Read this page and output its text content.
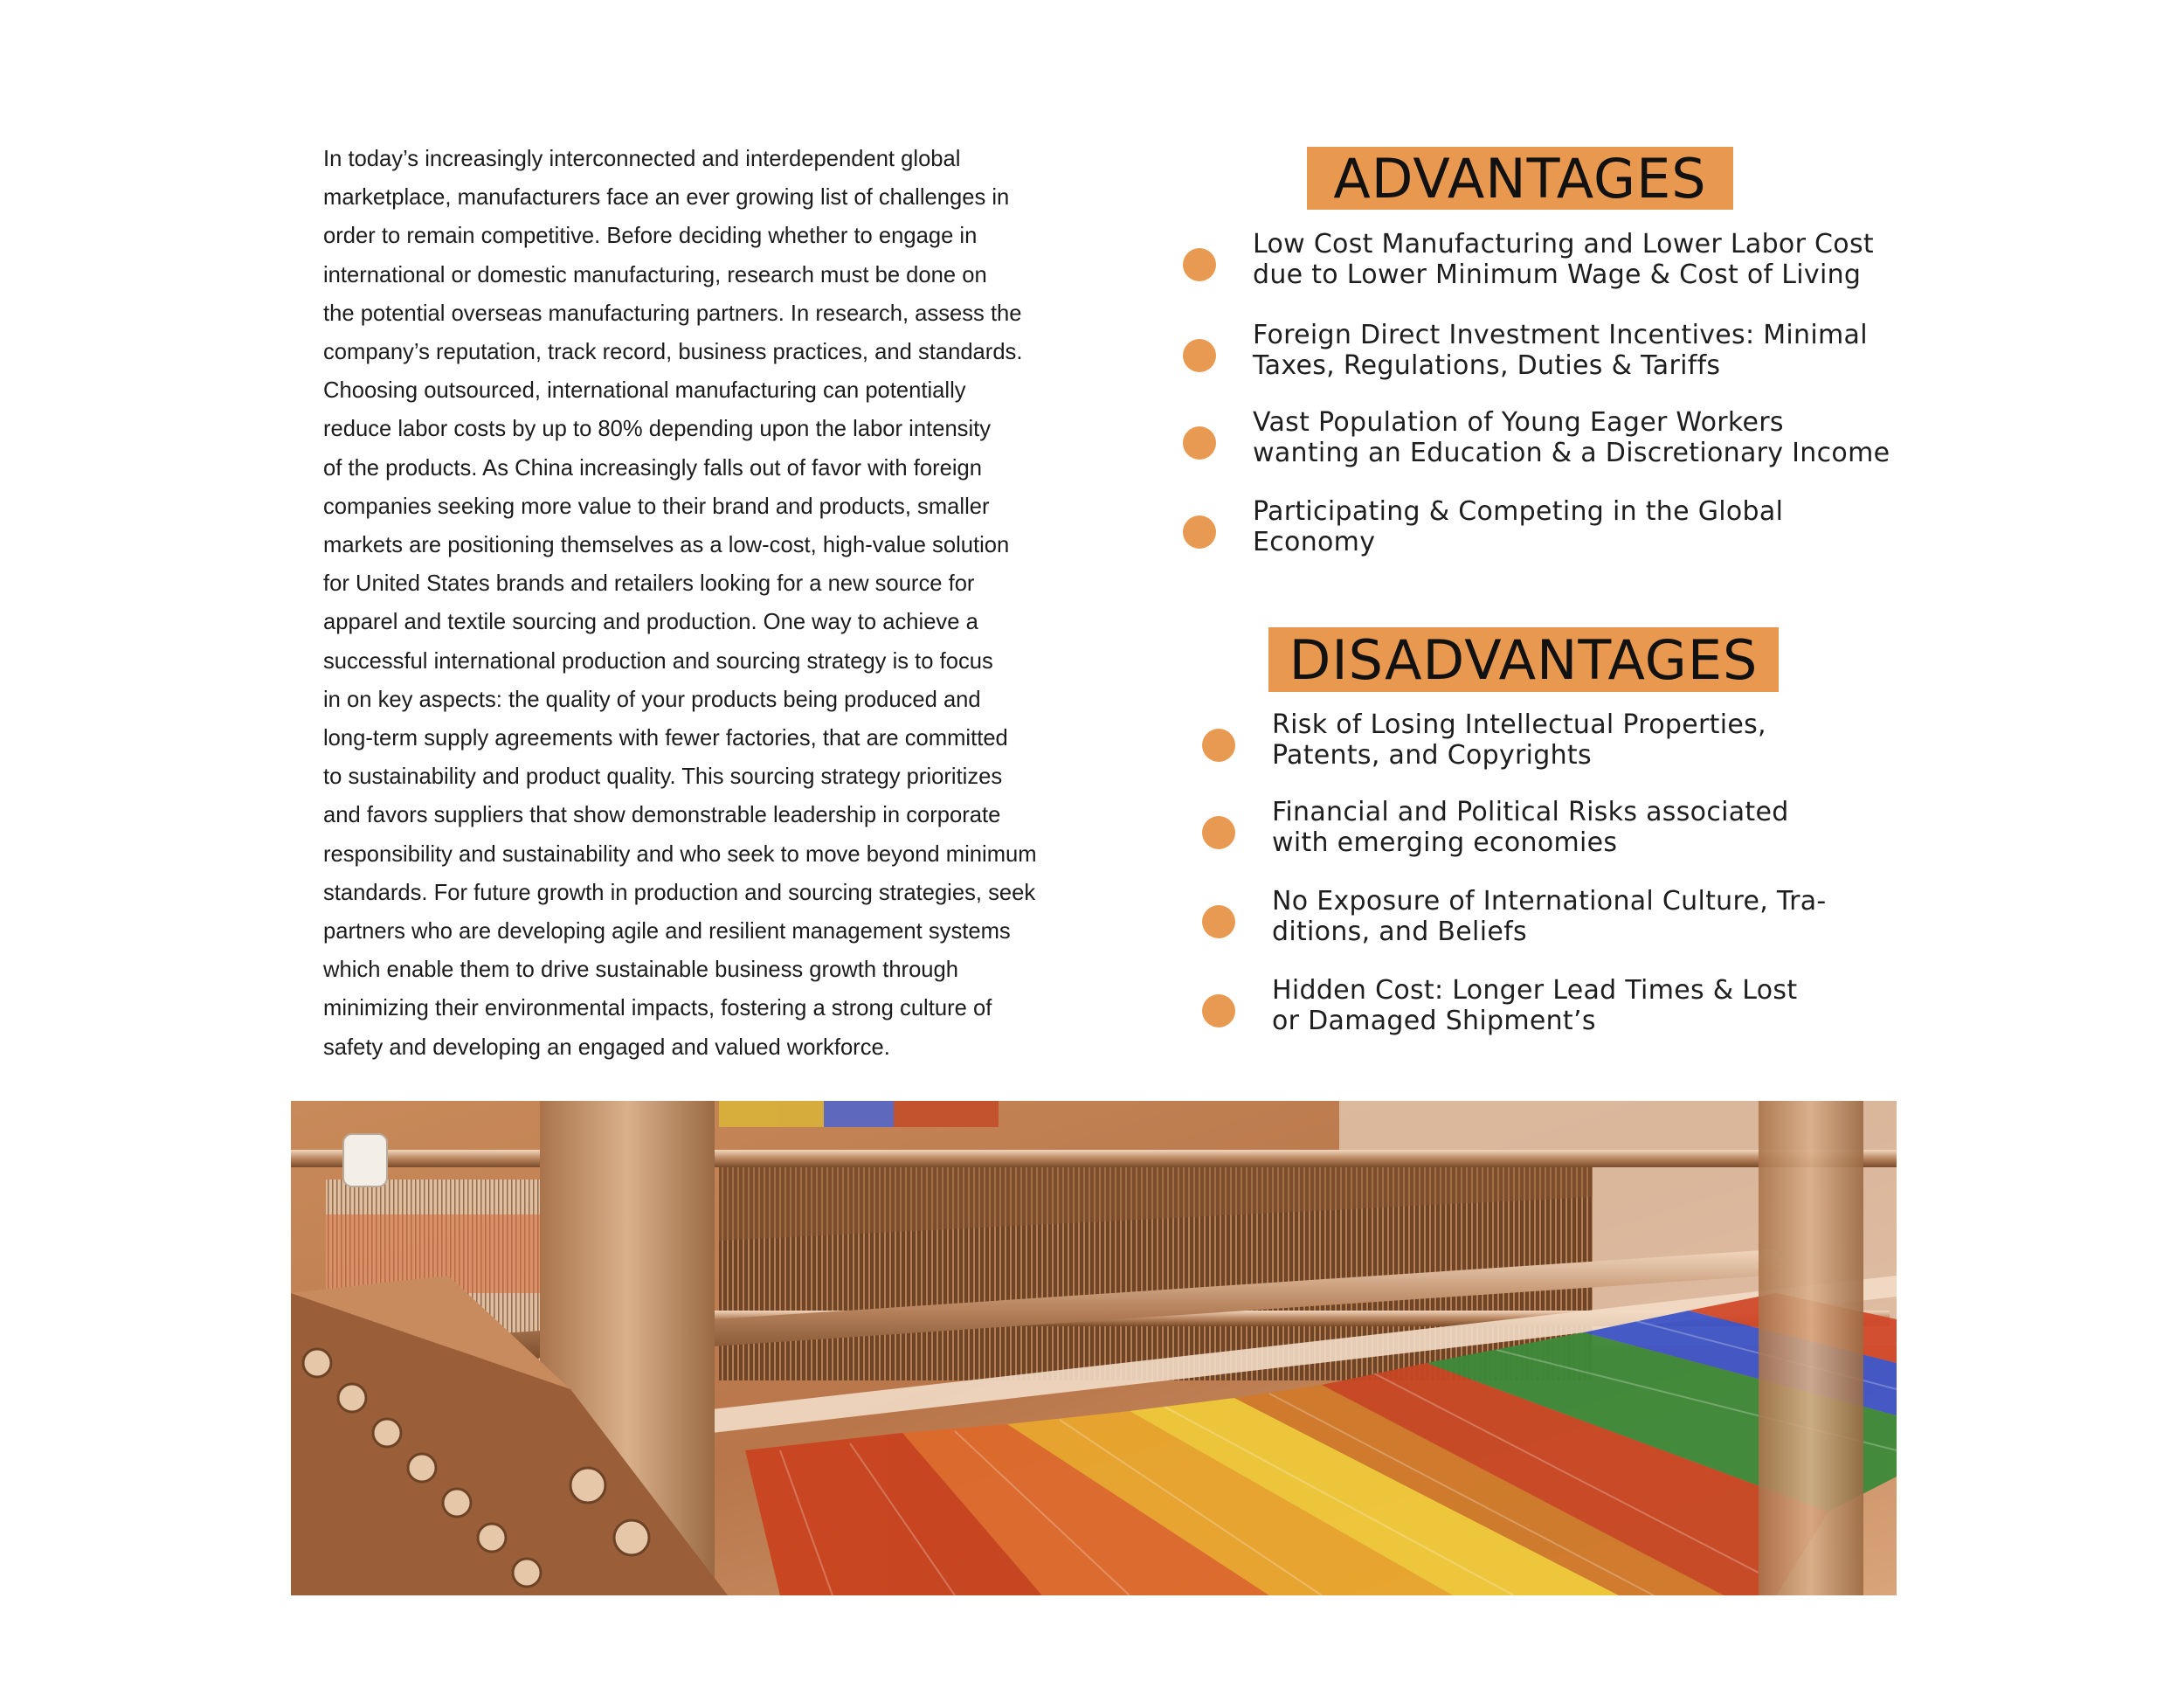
In today’s increasingly interconnected and interdependent global
marketplace, manufacturers face an ever growing list of challenges in
order to remain competitive. Before deciding whether to engage in
international or domestic manufacturing, research must be done on
the potential overseas manufacturing partners. In research, assess the
company’s reputation, track record, business practices, and standards.
Choosing outsourced, international manufacturing can potentially
reduce labor costs by up to 80% depending upon the labor intensity
of the products. As China increasingly falls out of favor with foreign
companies seeking more value to their brand and products, smaller
markets are positioning themselves as a low-cost, high-value solution
for United States brands and retailers looking for a new source for
apparel and textile sourcing and production. One way to achieve a
successful international production and sourcing strategy is to focus
in on key aspects: the quality of your products being produced and
long-term supply agreements with fewer factories, that are committed
to sustainability and product quality. This sourcing strategy prioritizes
and favors suppliers that show demonstrable leadership in corporate
responsibility and sustainability and who seek to move beyond minimum
standards. For future growth in production and sourcing strategies, seek
partners who are developing agile and resilient management systems
which enable them to drive sustainable business growth through
minimizing their environmental impacts, fostering a strong culture of
safety and developing an engaged and valued workforce.
ADVANTAGES
Low Cost Manufacturing and Lower Labor Cost
due to Lower Minimum Wage & Cost of Living
Foreign Direct Investment Incentives: Minimal
Taxes, Regulations, Duties & Tariffs
Vast Population of Young Eager Workers
wanting an Education & a Discretionary Income
Participating & Competing in the Global
Economy
DISADVANTAGES
Risk of Losing Intellectual Properties,
Patents, and Copyrights
Financial and Political Risks associated
with emerging economies
No Exposure of International Culture, Tra-
ditions, and Beliefs
Hidden Cost: Longer Lead Times & Lost
or Damaged Shipment’s
